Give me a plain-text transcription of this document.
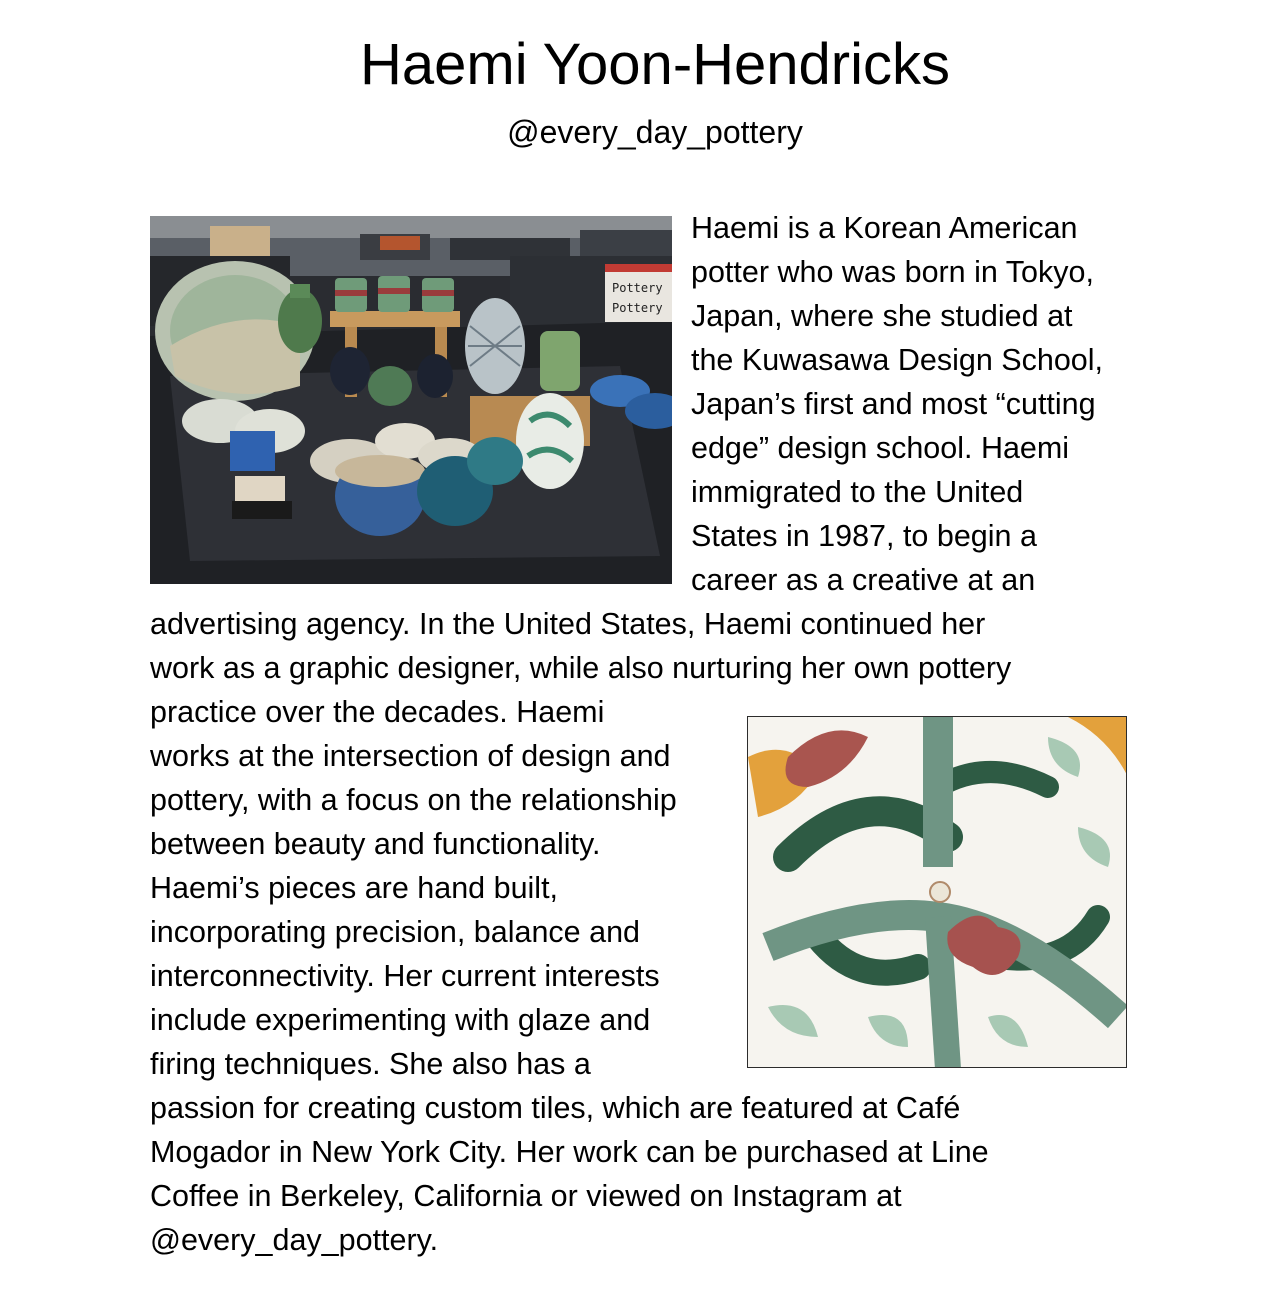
Haemi Yoon-Hendricks
@every_day_pottery
Pottery
Pottery
Haemi is a Korean American
potter who was born in Tokyo,
Japan, where she studied at
the Kuwasawa Design School,
Japan’s first and most “cutting
edge” design school. Haemi
immigrated to the United
States in 1987, to begin a
career as a creative at an
advertising agency. In the United States, Haemi continued her
work as a graphic designer, while also nurturing her own pottery
practice over the decades. Haemi
works at the intersection of design and
pottery, with a focus on the relationship
between beauty and functionality.
Haemi’s pieces are hand built,
incorporating precision, balance and
interconnectivity. Her current interests
include experimenting with glaze and
firing techniques. She also has a
passion for creating custom tiles, which are featured at Café
Mogador in New York City. Her work can be purchased at Line
Coffee in Berkeley, California or viewed on Instagram at
@every_day_pottery.
